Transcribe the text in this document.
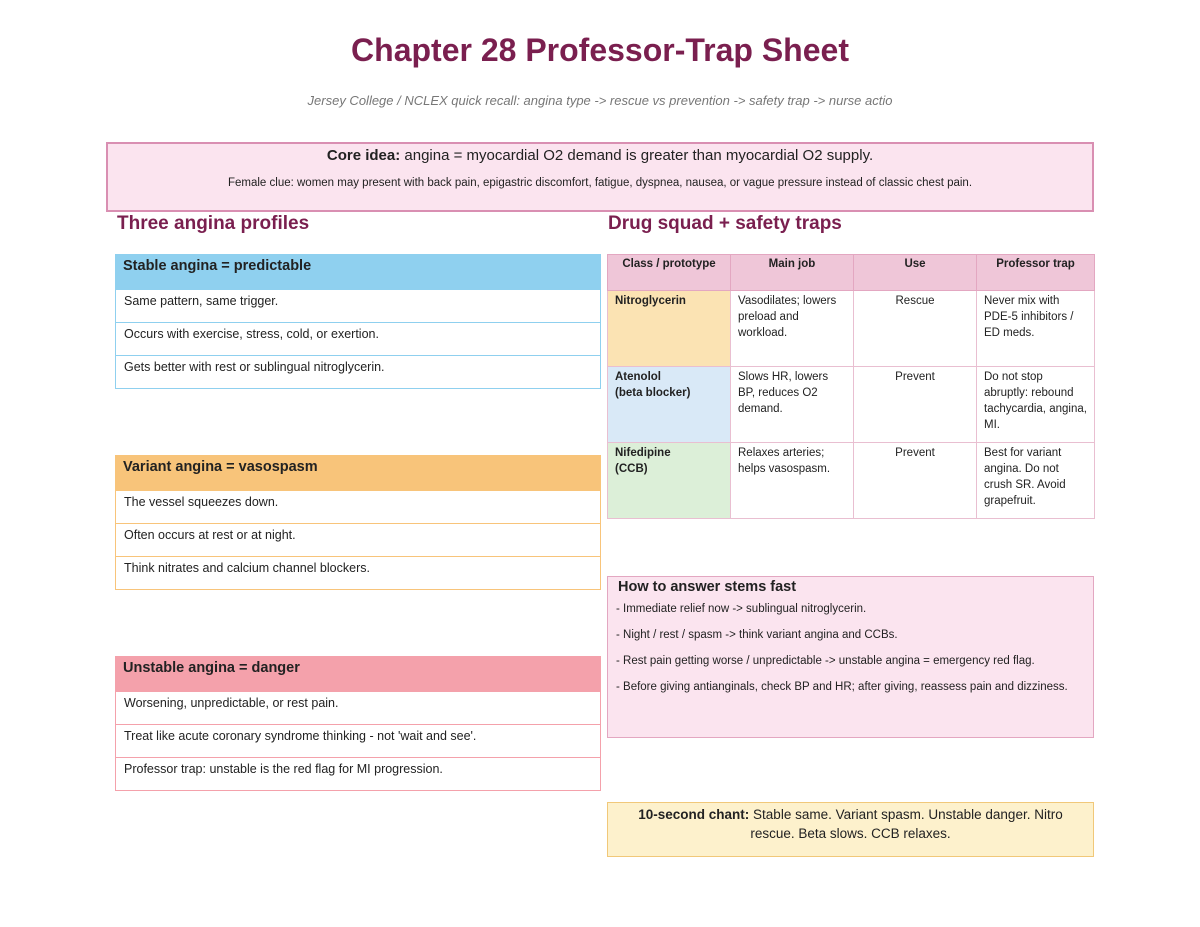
Chapter 28 Professor-Trap Sheet
Jersey College / NCLEX quick recall: angina type -> rescue vs prevention -> safety trap -> nurse actio
Core idea: angina = myocardial O2 demand is greater than myocardial O2 supply.
Female clue: women may present with back pain, epigastric discomfort, fatigue, dyspnea, nausea, or vague pressure instead of classic chest pain.
Three angina profiles	Drug squad + safety traps
Stable angina = predictable
Same pattern, same trigger.
Occurs with exercise, stress, cold, or exertion.
Gets better with rest or sublingual nitroglycerin.
Variant angina = vasospasm
The vessel squeezes down.
Often occurs at rest or at night.
Think nitrates and calcium channel blockers.
Unstable angina = danger
Worsening, unpredictable, or rest pain.
Treat like acute coronary syndrome thinking - not 'wait and see'.
Professor trap: unstable is the red flag for MI progression.
Class / prototype	Main job	Use	Professor trap

Nitroglycerin	Vasodilates; lowers preload and workload.	Rescue	Never mix with PDE-5 inhibitors / ED meds.

Atenolol
(beta blocker)	Slows HR, lowers BP, reduces O2 demand.	Prevent	Do not stop abruptly: rebound tachycardia, angina, MI.

Nifedipine
(CCB)	Relaxes arteries; helps vasospasm.	Prevent	Best for variant angina. Do not crush SR. Avoid grapefruit.
How to answer stems fast
- Immediate relief now -> sublingual nitroglycerin.
- Night / rest / spasm -> think variant angina and CCBs.
- Rest pain getting worse / unpredictable -> unstable angina = emergency red flag.
- Before giving antianginals, check BP and HR; after giving, reassess pain and dizziness.
10-second chant: Stable same. Variant spasm. Unstable danger. Nitro rescue. Beta slows. CCB relaxes.
